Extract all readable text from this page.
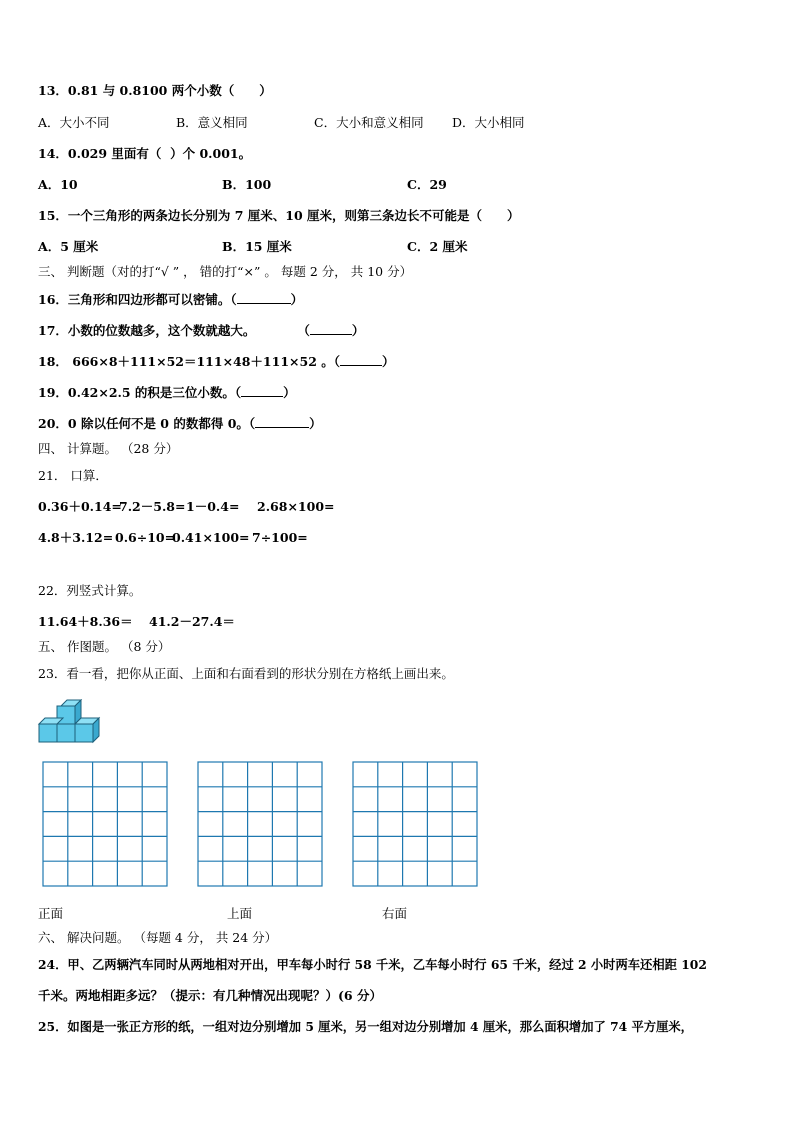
13．0.81 与 0.8100 两个小数（　　）
A．大小不同	B．意义相同	C．大小和意义相同 D．大小相同
14．0.029 里面有（  ）个 0.001。
A．10	B．100	C．29
15．一个三角形的两条边长分别为 7 厘米、10 厘米，则第三条边长不可能是（　　）
A．5 厘米	B．15 厘米	C．2 厘米
三、 判断题（对的打“√ ” ， 错的打“×” 。 每题 2 分， 共 10 分）
16．三角形和四边形都可以密铺。（	）
17．小数的位数越多，这个数就越大。	（	）
18． 666×8＋111×52＝111×48＋111×52 。（	）
19．0.42×2.5 的积是三位小数。（	）
20．0 除以任何不是 0 的数都得 0。（	）
四、 计算题。 （28 分）
21． 口算．
0.36＋0.14=
7.2－5.8= 1－0.4= 2.68×100=
4.8＋3.12= 0.6÷10=
0.41×100= 7÷100=
22．列竖式计算。
11.64＋8.36＝ 41.2－27.4＝
五、 作图题。 （8 分）
23．看一看，把你从正面、上面和右面看到的形状分别在方格纸上画出来。
正面	上面	右面
六、 解决问题。 （每题 4 分， 共 24 分）
24．甲、乙两辆汽车同时从两地相对开出，甲车每小时行 58 千米，乙车每小时行 65 千米，经过 2 小时两车还相距 102
千米。两地相距多远？（提示：有几种情况出现呢？）(6 分）
25．如图是一张正方形的纸，一组对边分别增加 5 厘米，另一组对边分别增加 4 厘米，那么面积增加了 74 平方厘米，
